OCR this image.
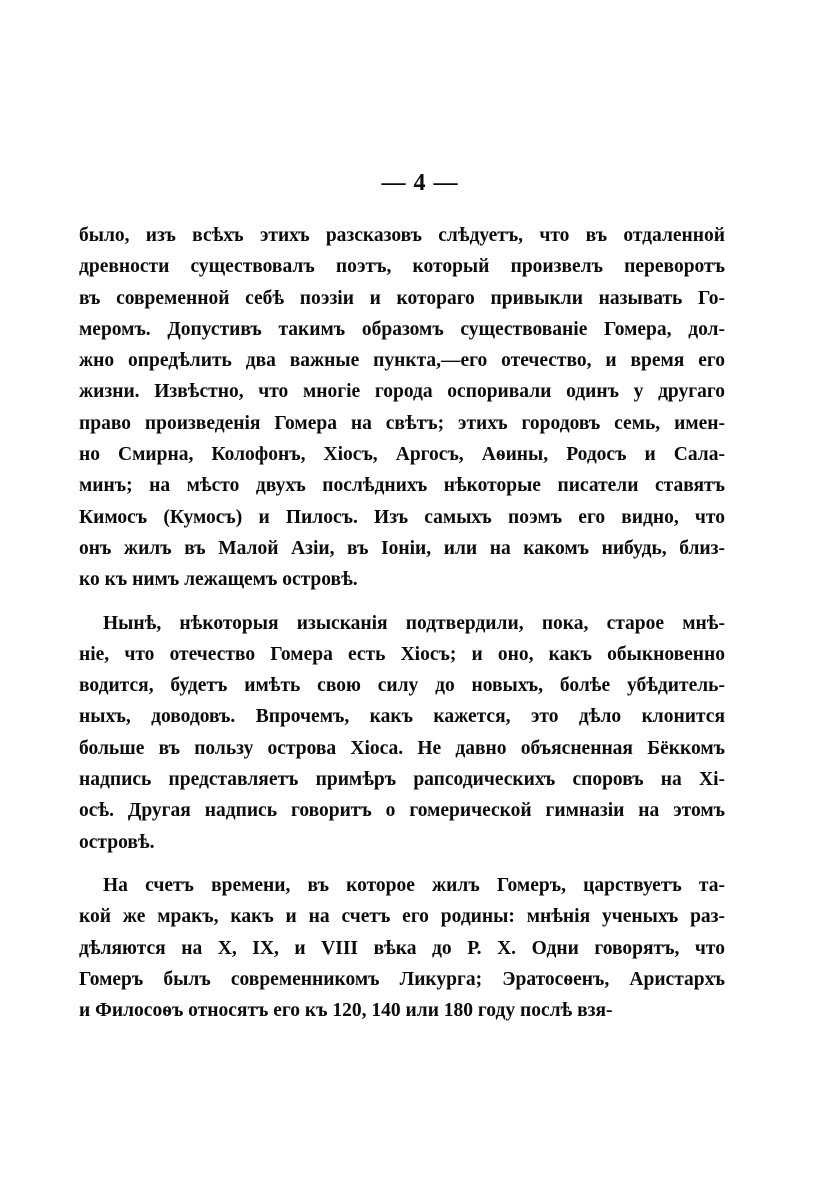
— 4 —
было, изъ всѣхъ этихъ разсказовъ слѣдуетъ, что въ отдаленной
древности существовалъ поэтъ, который произвелъ переворотъ
въ современной себѣ поэзіи и котораго привыкли называть Го-
меромъ. Допустивъ такимъ образомъ существованіе Гомера, дол-
жно опредѣлить два важные пункта,—его отечество, и время его
жизни. Извѣстно, что многіе города оспоривали одинъ у другаго
право произведенія Гомера на свѣтъ; этихъ городовъ семь, имен-
но Смирна, Колофонъ, Хіосъ, Аргосъ, Аѳины, Родосъ и Сала-
минъ; на мѣсто двухъ послѣднихъ нѣкоторые писатели ставятъ
Кимосъ (Кумосъ) и Пилосъ. Изъ самыхъ поэмъ его видно, что
онъ жилъ въ Малой Азіи, въ Іоніи, или на какомъ нибудь, близ-
ко къ нимъ лежащемъ островѣ.
Нынѣ, нѣкоторыя изысканія подтвердили, пока, старое мнѣ-
ніе, что отечество Гомера есть Хіосъ; и оно, какъ обыкновенно
водится, будетъ имѣть свою силу до новыхъ, болѣе убѣдитель-
ныхъ, доводовъ. Впрочемъ, какъ кажется, это дѣло клонится
больше въ пользу острова Хіоса. Не давно объясненная Бёккомъ
надпись представляетъ примѣръ рапсодическихъ споровъ на Хі-
осѣ. Другая надпись говоритъ о гомерической гимназіи на этомъ
островѣ.
На счетъ времени, въ которое жилъ Гомеръ, царствуетъ та-
кой же мракъ, какъ и на счетъ его родины: мнѣнія ученыхъ раз-
дѣляются на X, IX, и VIII вѣка до Р. Х. Одни говорятъ, что
Гомеръ былъ современникомъ Ликурга; Эратосѳенъ, Аристархъ
и Филосоѳъ относятъ его къ 120, 140 или 180 году послѣ взя-
